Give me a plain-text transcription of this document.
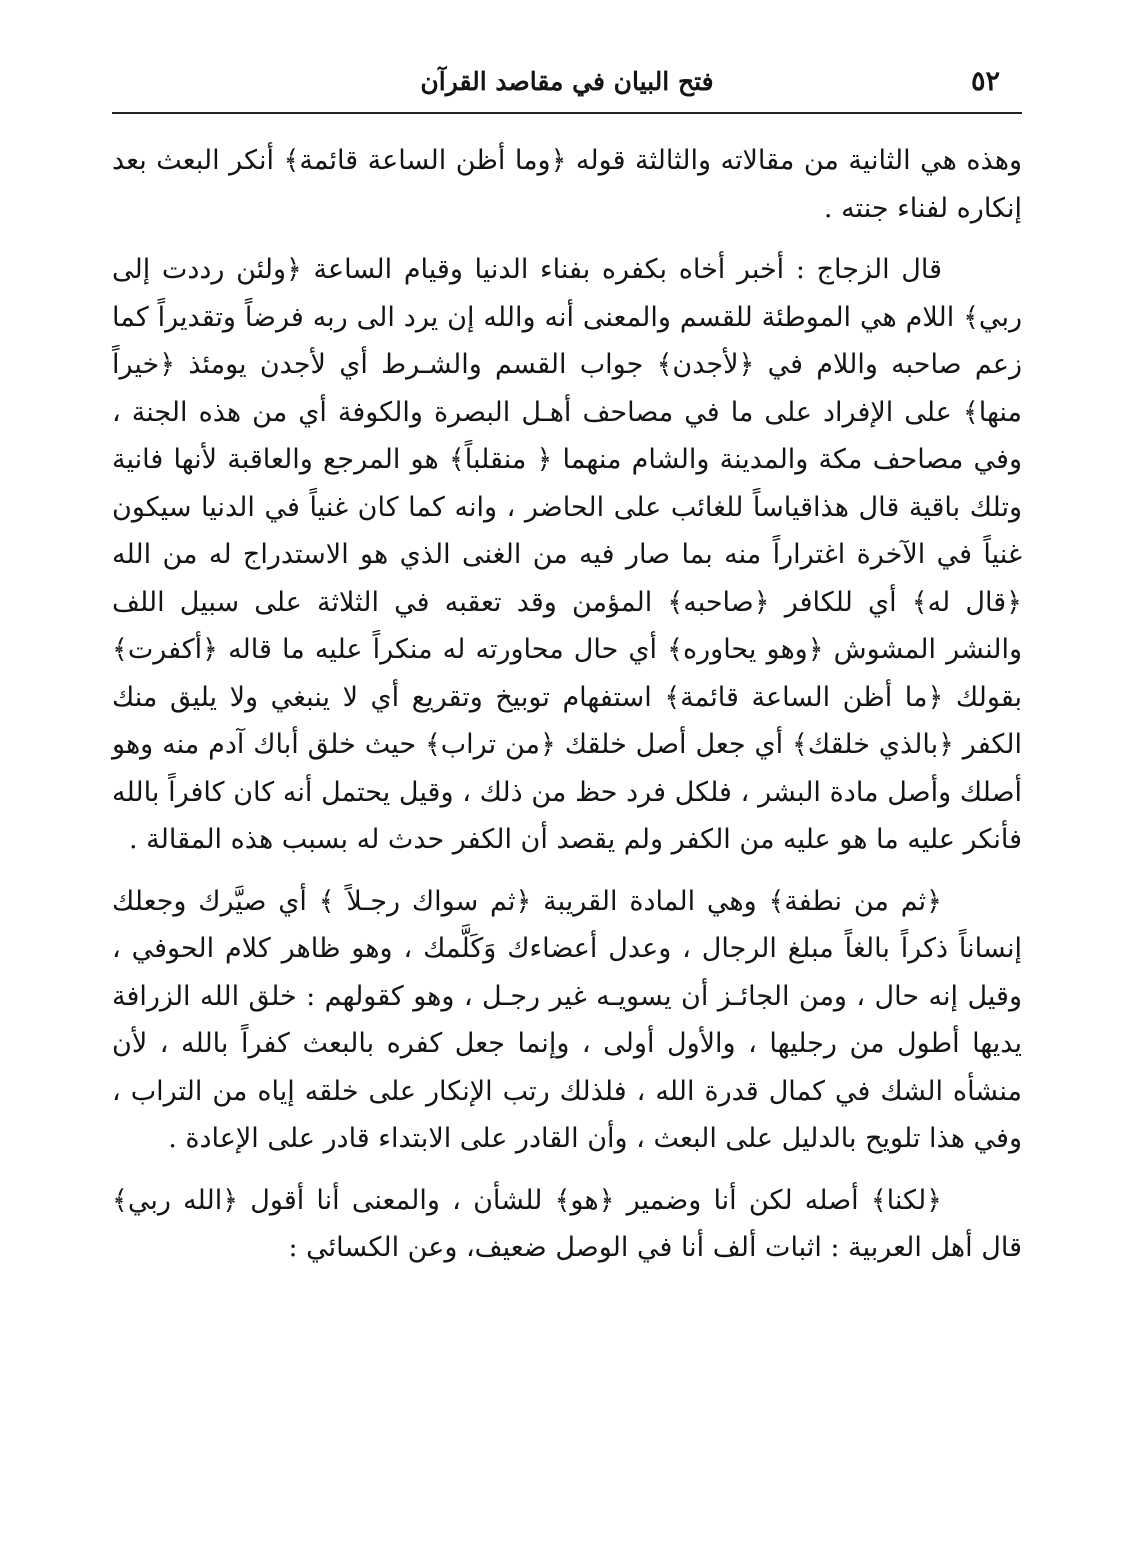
٥٢
فتح البيان في مقاصد القرآن

وهذه هي الثانية من مقالاته والثالثة قوله ﴿وما أظن الساعة قائمة﴾ أنكر البعث بعد إنكاره لفناء جنته .

قال الزجاج : أخبر أخاه بكفره بفناء الدنيا وقيام الساعة ﴿ولئن رددت إلى ربي﴾ اللام هي الموطئة للقسم والمعنى أنه والله إن يرد الى ربه فرضاً وتقديراً كما زعم صاحبه واللام في ﴿لأجدن﴾ جواب القسم والشـرط أي لأجدن يومئذ ﴿خيراً منها﴾ على الإفراد على ما في مصاحف أهـل البصرة والكوفة أي من هذه الجنة ، وفي مصاحف مكة والمدينة والشام منهما ﴿ منقلباً﴾ هو المرجع والعاقبة لأنها فانية وتلك باقية قال هذاقياساً للغائب على الحاضر ، وانه كما كان غنياً في الدنيا سيكون غنياً في الآخرة اغتراراً منه بما صار فيه من الغنى الذي هو الاستدراج له من الله ﴿قال له﴾ أي للكافر ﴿صاحبه﴾ المؤمن وقد تعقبه في الثلاثة على سبيل اللف والنشر المشوش ﴿وهو يحاوره﴾ أي حال محاورته له منكراً عليه ما قاله ﴿أكفرت﴾ بقولك ﴿ما أظن الساعة قائمة﴾ استفهام توبيخ وتقريع أي لا ينبغي ولا يليق منك الكفر ﴿بالذي خلقك﴾ أي جعل أصل خلقك ﴿من تراب﴾ حيث خلق أباك آدم منه وهو أصلك وأصل مادة البشر ، فلكل فرد حظ من ذلك ، وقيل يحتمل أنه كان كافراً بالله فأنكر عليه ما هو عليه من الكفر ولم يقصد أن الكفر حدث له بسبب هذه المقالة .

﴿ثم من نطفة﴾ وهي المادة القريبة ﴿ثم سواك رجـلاً ﴾ أي صيَّرك وجعلك إنساناً ذكراً بالغاً مبلغ الرجال ، وعدل أعضاءك وَكَلَّمك ، وهو ظاهر كلام الحوفي ، وقيل إنه حال ، ومن الجائـز أن يسويـه غير رجـل ، وهو كقولهم : خلق الله الزرافة يديها أطول من رجليها ، والأول أولى ، وإنما جعل كفره بالبعث كفراً بالله ، لأن منشأه الشك في كمال قدرة الله ، فلذلك رتب الإنكار على خلقه إياه من التراب ، وفي هذا تلويح بالدليل على البعث ، وأن القادر على الابتداء قادر على الإعادة .

﴿لكنا﴾ أصله لكن أنا وضمير ﴿هو﴾ للشأن ، والمعنى أنا أقول ﴿الله ربي﴾ قال أهل العربية : اثبات ألف أنا في الوصل ضعيف، وعن الكسائي :
